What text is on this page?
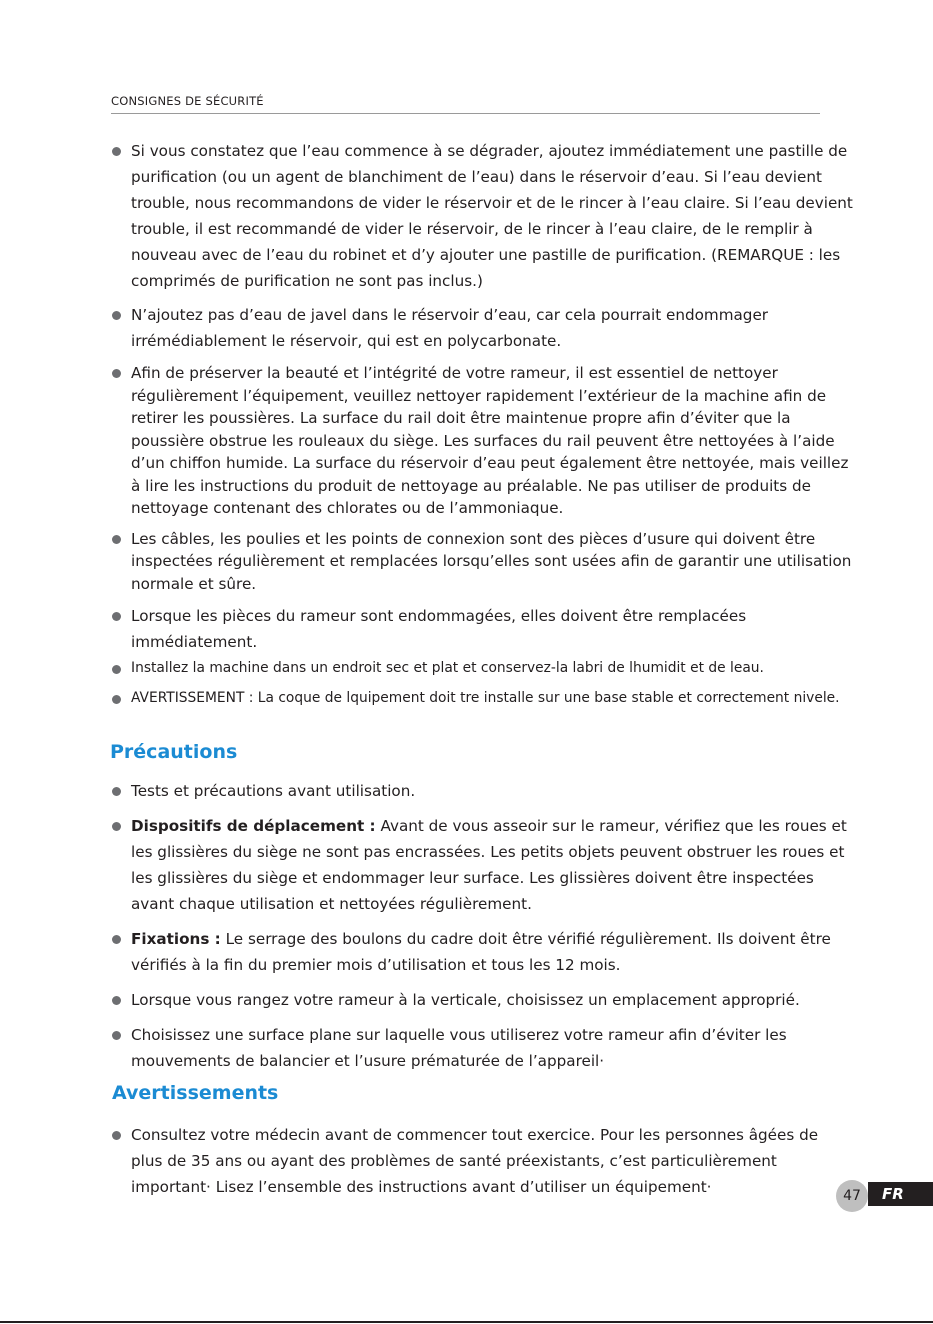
CONSIGNES DE SÉCURITÉ
Si vous constatez que l’eau commence à se dégrader, ajoutez immédiatement une pastille de purification (ou un agent de blanchiment de l’eau) dans le réservoir d’eau. Si l’eau devient trouble, nous recommandons de vider le réservoir et de le rincer à l’eau claire. Si l’eau devient trouble, il est recommandé de vider le réservoir, de le rincer à l’eau claire, de le remplir à nouveau avec de l’eau du robinet et d’y ajouter une pastille de purification. (REMARQUE : les comprimés de purification ne sont pas inclus.)
N’ajoutez pas d’eau de javel dans le réservoir d’eau, car cela pourrait endommager irrémédiablement le réservoir, qui est en polycarbonate.
Afin de préserver la beauté et l’intégrité de votre rameur, il est essentiel de nettoyer régulièrement l’équipement, veuillez nettoyer rapidement l’extérieur de la machine afin de retirer les poussières. La surface du rail doit être maintenue propre afin d’éviter que la poussière obstrue les rouleaux du siège. Les surfaces du rail peuvent être nettoyées à l’aide d’un chiffon humide. La surface du réservoir d’eau peut également être nettoyée, mais veillez à lire les instructions du produit de nettoyage au préalable. Ne pas utiliser de produits de nettoyage contenant des chlorates ou de l’ammoniaque.
Les câbles, les poulies et les points de connexion sont des pièces d’usure qui doivent être inspectées régulièrement et remplacées lorsqu’elles sont usées afin de garantir une utilisation normale et sûre.
Lorsque les pièces du rameur sont endommagées, elles doivent être remplacées immédiatement.
Installez la machine dans un endroit sec et plat et conservez-la labri de lhumidit et de leau.
AVERTISSEMENT : La coque de lquipement doit tre installe sur une base stable et correctement nivele.
Précautions
Tests et précautions avant utilisation.
Dispositifs de déplacement : Avant de vous asseoir sur le rameur, vérifiez que les roues et les glissières du siège ne sont pas encrassées. Les petits objets peuvent obstruer les roues et les glissières du siège et endommager leur surface. Les glissières doivent être inspectées avant chaque utilisation et nettoyées régulièrement.
Fixations : Le serrage des boulons du cadre doit être vérifié régulièrement. Ils doivent être vérifiés à la fin du premier mois d’utilisation et tous les 12 mois.
Lorsque vous rangez votre rameur à la verticale, choisissez un emplacement approprié.
Choisissez une surface plane sur laquelle vous utiliserez votre rameur afin d’éviter les mouvements de balancier et l’usure prématurée de l’appareil·
Avertissements
Consultez votre médecin avant de commencer tout exercice. Pour les personnes âgées de plus de 35 ans ou ayant des problèmes de santé préexistants, c’est particulièrement important· Lisez l’ensemble des instructions avant d’utiliser un équipement·	47	FR
